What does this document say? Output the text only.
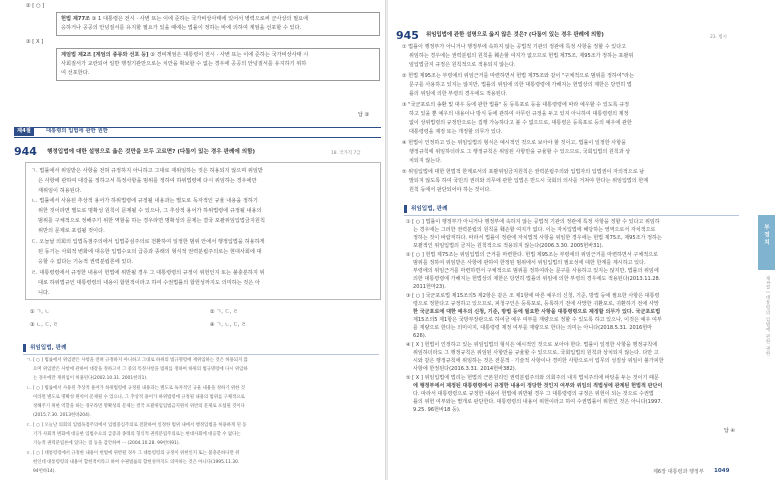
② [ ○ ]
헌법 제77조 ③ 1 대통령은 전시 · 사변 또는 이에 준하는 국가비상사태에 있어서 병력으로써 군사상의 필요에
응하거나 공공의 안녕질서를 유지할 필요가 있을 때에는 법률이 정하는 바에 의하여 계엄을 선포할 수 있다.
③ [ X ]
계엄법 제2조 [계엄의 종류와 선포 등] ③ 경비계엄은 대통령이 전시 · 사변 또는 이에 준하는 국가비상사태 시
사회질서가 교란되어 일반 행정기관만으로는 치안을 확보할 수 없는 경우에 공공의 안녕질서를 유지하기 위하
여 선포한다.
답 ③
제4절	대통령의 입법에 관한 권한
944 행정입법에 대한 설명으로 옳은 것만을 모두 고르면? (다툼이 있는 경우 판례에 의함)	18. 국가직 7급
ㄱ. 법률에서 위임받은 사항을 전혀 규정하지 아니하고 그대로 재위임하는 것은 허용되지 않으며 위임받
은 사항에 관하여 대강을 정하고서 특정사항을 범위를 정하여 하위법령에 다시 위임하는 경우에만
재위임이 허용된다.
ㄴ. 법률에서 사용된 추상적 용어가 하위법령에 규정될 내용과는 별도로 독자적인 규율 내용을 정하기
위한 것이라면 별도로 명확성 원칙이 문제될 수 있으나, 그 추상적 용어가 하위법령에 규정될 내용의
범위를 구체적으로 정해주기 위한 역할을 하는 경우라면 명확성의 문제는 결국 포괄위임입법금지원칙
위반의 문제로 포섭될 것이다.
ㄷ. 오늘날 의회의 입법독점주의에서 입법중심주의로 전환하여 일정한 범위 안에서 행정입법을 허용하게
된 동기는 사회적 변화에 대응한 입법수요의 급증과 종래의 형식적 권력분립주의로는 현대사회에 대
응할 수 없다는 기능적 권력분립론에 있다.
ㄹ. 대통령령에서 규정한 내용이 헌법에 위반될 경우 그 대통령령의 규정이 위헌인지 또는 불충분하지 위
대로 하위법규인 대통령령의 내용이 합헌적이라고 하여 수권법률의 합헌성까지도 의미하는 것은 아
니다.
① ㄱ, ㄴ	② ㄱ, ㄷ, ㄹ
③ ㄴ, ㄷ, ㄹ	④ ㄱ, ㄴ, ㄷ, ㄹ
위임입법, 판례
ㄱ. [ ○ ] 법률에서 위임받은 사항을 전혀 규정하지 아니하고 그대로 하위의 법규명령에 재위임하는 것은 허용되지 않
으며 위임받은 사항에 관하여 대강을 정하고서 그 중의 특정사항을 범위를 정하여 하위의 법규명령에 다시 위임하
는 경우에만 재위임이 허용된다(2002.10.31. 2001헌라1).
ㄴ. [ ○ ] 법률에서 사용된 추상적 용어가 하위법령에 규정될 내용과는 별도로 독자적인 규율 내용을 정하기 위한 것
이라면 별도로 명확성 원칙이 문제될 수 있으나, 그 추상적 용어가 하위법령에 규정될 내용의 범위를 구체적으로
정해주기 위한 역할을 하는 경우라면 명확성의 문제는 결국 포괄위임입법금지원칙 위반의 문제로 포섭될 것이다
(2015.7.30. 2013헌바204).
ㄷ. [ ○ ] 오늘날 의회의 입법독점주의에서 입법중심주의로 전환하여 일정한 범위 내에서 행정입법을 허용하게 된 동
기가 사회적 변화에 대응한 입법수요의 급증과 종래의 형식적 권력분립주의로는 현대사회에 대응할 수 없다는
기능적 권력분립론에 있다는 점 등을 감안하여 ··· (2004.10.28. 99헌바91).
ㄹ. [ ○ ] 대통령령에서 규정한 내용이 헌법에 위반될 경우 그 대통령령의 규정이 위헌인지 또는 불충분하다면 위
헌인데 대통령령의 내용이 합헌적이라고 하여 수권법률의 합헌성까지도 의미하는 것은 아니다(1995.11.30.
94헌바14).
945 위임입법에 관한 설명으로 옳지 않은 것은? (다툼이 있는 경우 판례에 의함)	23. 법시
① 법률이 행정부가 아니거나 행정부에 속하지 않는 공법적 기관의 정관에 특정 사항을 정할 수 있다고
위임하는 경우에는 권력분립의 원칙을 훼손할 여지가 없으므로 헌법 제75조, 제95조가 정하는 포괄위
임입법금지 규정은 원칙적으로 적용되지 않는다.
② 헌법 제95조는 부령에의 위임근거를 마련하면서 헌법 제75조와 같이 "구체적으로 범위를 정하여"라는
문구를 사용하고 있지는 않지만, 법률의 위임에 의한 대통령령에 가해지는 헌법상의 제한은 당연히 법
률의 위임에 의한 부령의 경우에도 적용된다.
③ "국군포로의 송환 및 대우 등에 관한 법률" 등 등록포로 등을 대통령령에 따라 예우할 수 있도록 규정
하고 있을 뿐 예우의 내용이나 방식 등에 관하여 아무런 규정을 두고 있지 아니하여 대통령령의 제정
없이 상위법령의 규정만으로는 집행 가능하다고 볼 수 없으므로, 대통령은 등록포로 등의 예우에 관한
대통령령을 제정 또는 개정할 의무가 있다.
④ 헌법이 인정하고 있는 위임입법의 형식은 예시적인 것으로 보아야 할 것이고, 법률이 일정한 사항을
행정규칙에 위임하더라도 그 행정규칙은 위임된 사항만을 규율할 수 있으므로, 국회입법의 원칙과 상
치되지 않는다.
⑤ 위임입법에 대한 헌법적 한계로서의 포괄위임금지원칙은 권력분립주의와 입법자의 입법권이 자의적으로 남
발되지 않도록 하여 국민의 권리와 의무에 관한 입법은 반드시 국회의 의사를 거쳐야 한다는 위임입법의 한계
원칙 등에서 판단되어야 하는 것이다.
위임입법, 판례
① [ ○ ] 법률이 행정부가 아니거나 행정부에 속하지 않는 공법적 기관의 정관에 특정 사항을 정할 수 있다고 위임하
는 경우에는 그러한 권력분립의 원칙을 훼손할 여지가 없다. 이는 자치입법에 해당하는 영역으로서 자치적으로
정하는 것이 바람직하다. 따라서 법률이 정관에 자치법적 사항을 위임한 경우에는 헌법 제75조, 제95조가 정하는
포괄적인 위임입법의 금지는 원칙적으로 적용되지 않는다(2006.3.30. 2005헌바31).
② [ ○ ] 헌법 제75조는 위임입법의 근거를 마련한다. 헌법 제95조는 부령에의 위임근거를 마련하면서 구체적으로
범위를 정하여 위임받은 사항에 관하여 한정된 범위에서 위임입법의 필요성에 대한 한계를 제시하고 있다.
부령에의 위임근거를 마련하면서 구체적으로 범위를 정하여라는 문구를 사용하고 있지는 않지만, 법률의 위임에
의한 대통령령에 가해지는 헌법상의 제한은 당연히 법률의 위임에 의한 부령의 경우에도 적용된다(2013.11.28.
2011헌마23).
③ [ ○ ] 국군포로법 제15조의5 제2항은 같은 조 제1항에 따른 예우의 신청, 기준, 방법 등에 필요한 사항은 대통령
령으로 정한다고 규정하고 있으므로, 피청구인은 등록포로, 등록하기 전에 사망한 귀환포로, 귀환하기 전에 사망
한 국군포로에 대한 예우의 신청, 기준, 방법 등에 필요한 사항을 대통령령으로 제정할 의무가 있다. 국군포로법
제15조의5 제1항은 국방부장관으로 하여금 예우 여부를 재량으로 정할 수 있도록 하고 있으나, 이것은 예우 여부
를 재량으로 한다는 의미이지, 대통령령 제정 여부를 재량으로 한다는 의미는 아니다(2018.5.31. 2016헌마
626).
④ [ X ] 헌법이 인정하고 있는 위임입법의 형식은 예시적인 것으로 보아야 한다. 법률이 일정한 사항을 행정규칙에
위임하더라도 그 행정규칙은 위임된 사항만을 규율할 수 있으므로, 국회입법의 원칙과 상치되지 않는다. 다만 고
시와 같은 행정규칙에 위임하는 것은 전문적 · 기술적 사항이나 경미한 사항으로서 업무의 성질상 위임이 불가피한
사항에 한정된다(2016.3.31. 2014헌바382).
⑤ [ X ] 위임입법에 법리는 헌법의 근본원리인 권력분립주의와 의회주의 내지 법치주의에 바탕을 두는 것이기 때문
에 행정부에서 제정된 대통령령에서 규정한 내용이 정당한 것인지 여부와 위임의 적법성에 관계된 헌법적 판단이
다. 따라서 대통령령으로 규정한 내용이 헌법에 위반될 경우 그 대통령령의 규정은 위헌이 되는 것으로 수권법
률의 위헌 여부와는 별개로 판단한다. 대통령령의 내용이 위헌이라고 하여 수권법률이 위헌인 것은 아니다(1997.
9.25. 96헌바18 등).
답 ④
제6장 대통령과 행정부 1049
부 정 치
제4절 | 대통령의 입법에 관한 권한
